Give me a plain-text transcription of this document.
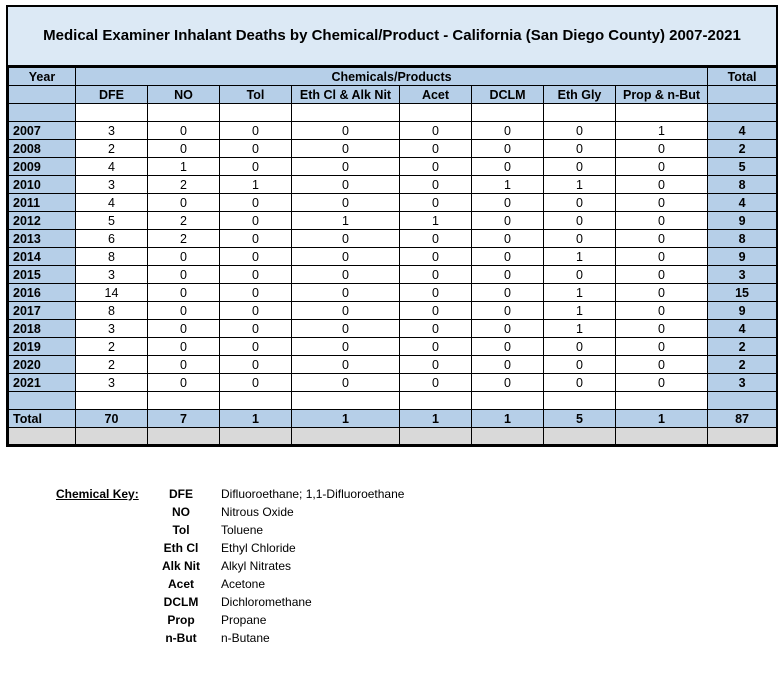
Medical Examiner Inhalant Deaths by Chemical/Product - California (San Diego County) 2007-2021
Year	Chemicals/Products								Total
	DFE	NO	Tol	Eth Cl & Alk Nit	Acet	DCLM	Eth Gly	Prop & n-But	

2007	3	0	0	0	0	0	0	1	4
2008	2	0	0	0	0	0	0	0	2
2009	4	1	0	0	0	0	0	0	5
2010	3	2	1	0	0	1	1	0	8
2011	4	0	0	0	0	0	0	0	4
2012	5	2	0	1	1	0	0	0	9
2013	6	2	0	0	0	0	0	0	8
2014	8	0	0	0	0	0	1	0	9
2015	3	0	0	0	0	0	0	0	3
2016	14	0	0	0	0	0	1	0	15
2017	8	0	0	0	0	0	1	0	9
2018	3	0	0	0	0	0	1	0	4
2019	2	0	0	0	0	0	0	0	2
2020	2	0	0	0	0	0	0	0	2
2021	3	0	0	0	0	0	0	0	3

Total	70	7	1	1	1	1	5	1	87

Chemical Key:	DFE	Difluoroethane; 1,1-Difluoroethane
NO	Nitrous Oxide
Tol	Toluene
Eth Cl	Ethyl Chloride
Alk Nit	Alkyl Nitrates
Acet	Acetone
DCLM	Dichloromethane
Prop	Propane
n-But	n-Butane
